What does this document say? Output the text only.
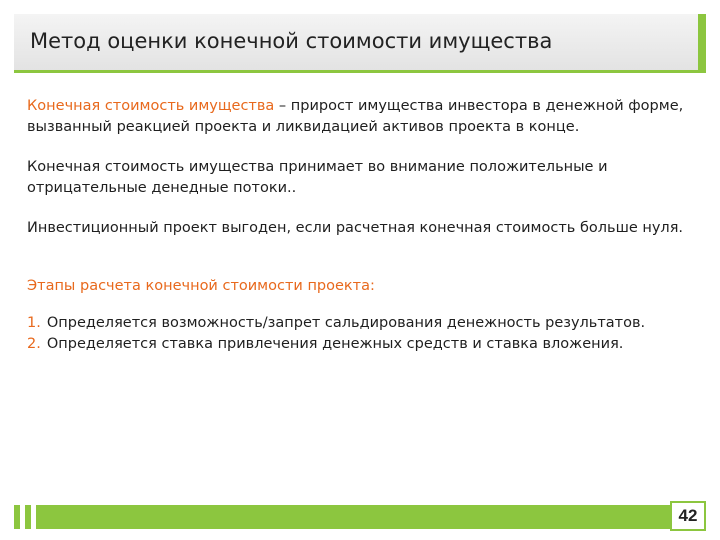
Метод оценки конечной стоимости имущества

Конечная стоимость имущества – прирост имущества инвестора в денежной форме,
вызванный реакцией проекта и ликвидацией активов проекта в конце.

Конечная стоимость имущества принимает во внимание положительные и
отрицательные денедные потоки..

Инвестиционный проект выгоден, если расчетная конечная стоимость больше нуля.

Этапы расчета конечной стоимости проекта:

1. Определяется возможность/запрет сальдирования денежность результатов.
2. Определяется ставка привлечения денежных средств и ставка вложения.
42
